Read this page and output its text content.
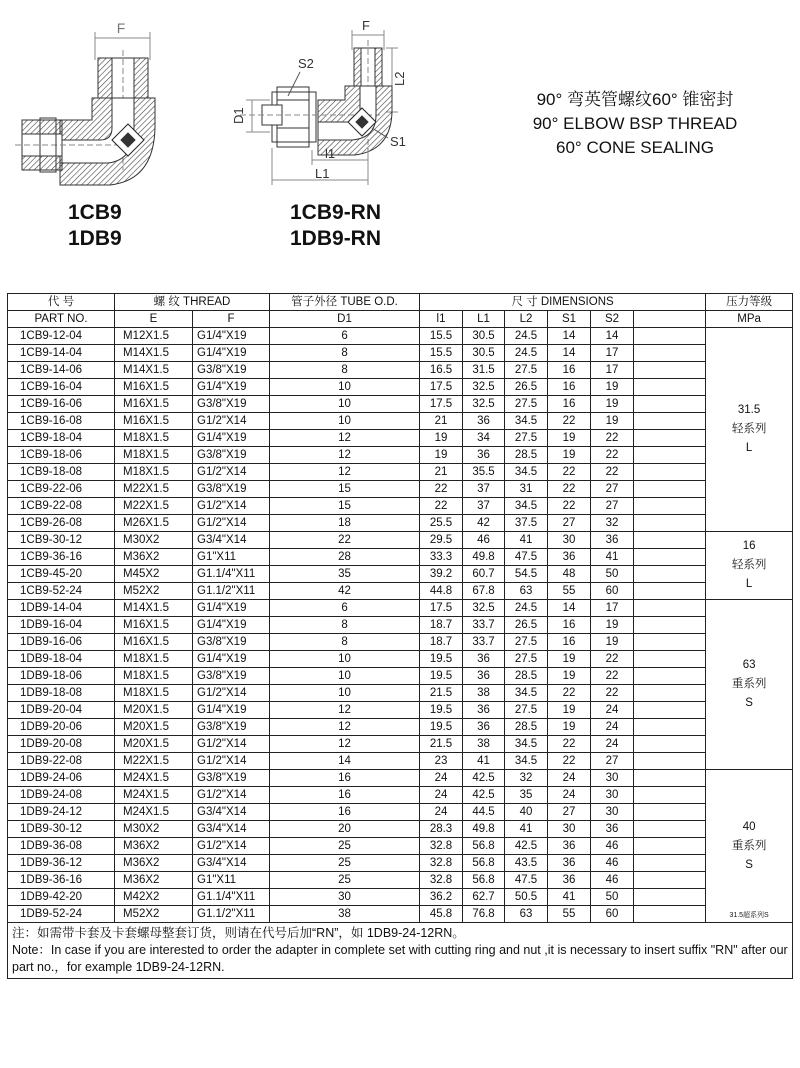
F	F
S2
L2
D1
S1
l1
L1
1CB9
1DB9
1CB9-RN
1DB9-RN
90° 弯英管螺纹60° 锥密封
90° ELBOW BSP THREAD
60° CONE SEALING
代 号	螺 纹 THREAD		管子外径 TUBE O.D.	尺 寸 DIMENSIONS						压力等级
PART NO.	E	F	D1	l1	L1	L2	S1	S2		MPa
1CB9-12-04	M12X1.5	G1/4"X19	6	15.5	30.5	24.5	14	14		31.5
轻系列
L

1CB9-14-04	M14X1.5	G1/4"X19	8	15.5	30.5	24.5	14	17		
1CB9-14-06	M14X1.5	G3/8"X19	8	16.5	31.5	27.5	16	17		
1CB9-16-04	M16X1.5	G1/4"X19	10	17.5	32.5	26.5	16	19		
1CB9-16-06	M16X1.5	G3/8"X19	10	17.5	32.5	27.5	16	19		
1CB9-16-08	M16X1.5	G1/2"X14	10	21	36	34.5	22	19		
1CB9-18-04	M18X1.5	G1/4"X19	12	19	34	27.5	19	22		
1CB9-18-06	M18X1.5	G3/8"X19	12	19	36	28.5	19	22		
1CB9-18-08	M18X1.5	G1/2"X14	12	21	35.5	34.5	22	22		
1CB9-22-06	M22X1.5	G3/8"X19	15	22	37	31	22	27		
1CB9-22-08	M22X1.5	G1/2"X14	15	22	37	34.5	22	27		
1CB9-26-08	M26X1.5	G1/2"X14	18	25.5	42	37.5	27	32		
1CB9-30-12	M30X2	G3/4"X14	22	29.5	46	41	30	36		16
轻系列
L

1CB9-36-16	M36X2	G1"X11	28	33.3	49.8	47.5	36	41		
1CB9-45-20	M45X2	G1.1/4"X11	35	39.2	60.7	54.5	48	50		
1CB9-52-24	M52X2	G1.1/2"X11	42	44.8	67.8	63	55	60		
1DB9-14-04	M14X1.5	G1/4"X19	6	17.5	32.5	24.5	14	17		63
重系列
S

1DB9-16-04	M16X1.5	G1/4"X19	8	18.7	33.7	26.5	16	19		
1DB9-16-06	M16X1.5	G3/8"X19	8	18.7	33.7	27.5	16	19		
1DB9-18-04	M18X1.5	G1/4"X19	10	19.5	36	27.5	19	22		
1DB9-18-06	M18X1.5	G3/8"X19	10	19.5	36	28.5	19	22		
1DB9-18-08	M18X1.5	G1/2"X14	10	21.5	38	34.5	22	22		
1DB9-20-04	M20X1.5	G1/4"X19	12	19.5	36	27.5	19	24		
1DB9-20-06	M20X1.5	G3/8"X19	12	19.5	36	28.5	19	24		
1DB9-20-08	M20X1.5	G1/2"X14	12	21.5	38	34.5	22	24		
1DB9-22-08	M22X1.5	G1/2"X14	14	23	41	34.5	22	27		
1DB9-24-06	M24X1.5	G3/8"X19	16	24	42.5	32	24	30		40
重系列
S
31.5超系列S

1DB9-24-08	M24X1.5	G1/2"X14	16	24	42.5	35	24	30		
1DB9-24-12	M24X1.5	G3/4"X14	16	24	44.5	40	27	30		
1DB9-30-12	M30X2	G3/4"X14	20	28.3	49.8	41	30	36		
1DB9-36-08	M36X2	G1/2"X14	25	32.8	56.8	42.5	36	46		
1DB9-36-12	M36X2	G3/4"X14	25	32.8	56.8	43.5	36	46		
1DB9-36-16	M36X2	G1"X11	25	32.8	56.8	47.5	36	46		
1DB9-42-20	M42X2	G1.1/4"X11	30	36.2	62.7	50.5	41	50		
1DB9-52-24	M52X2	G1.1/2"X11	38	45.8	76.8	63	55	60		

注：如需带卡套及卡套螺母整套订货，则请在代号后加“RN”，如 1DB9-24-12RN。
Note：In case if you are interested to order the adapter in complete set with cutting ring and nut ,it is necessary to insert suffix "RN" after our part no.，for example 1DB9-24-12RN.										
